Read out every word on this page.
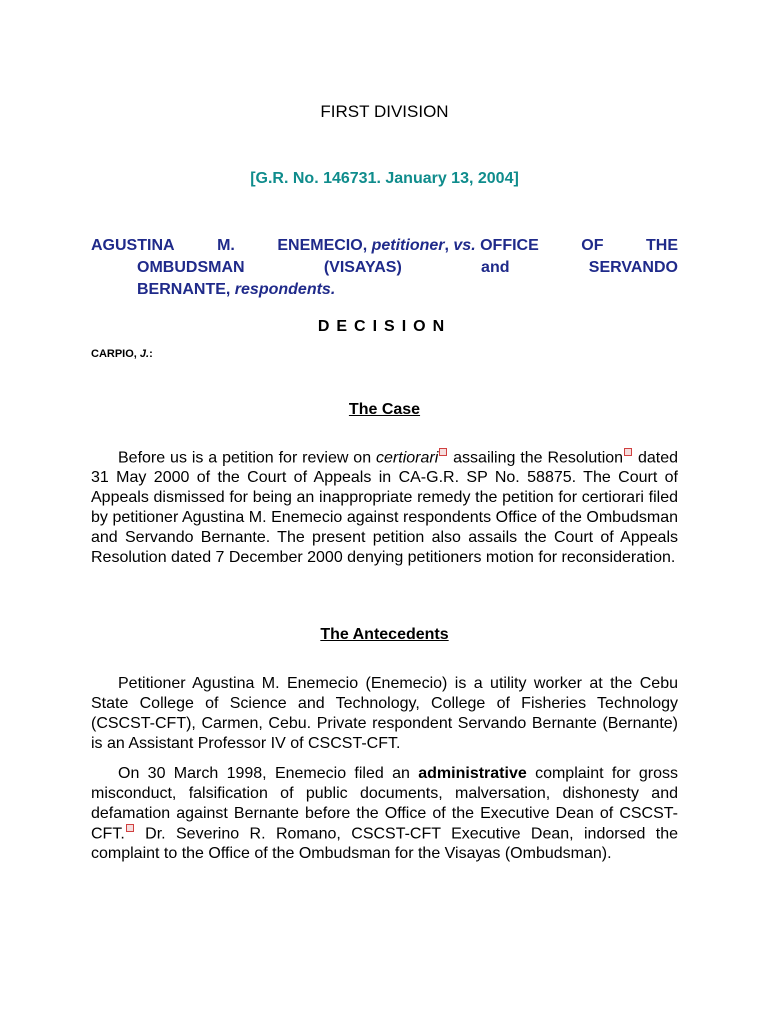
FIRST DIVISION
[G.R. No. 146731. January 13, 2004]
AGUSTINA	M.	ENEMECIO, petitioner, vs. OFFICE	OF	THE
OMBUDSMAN	(VISAYAS)	and	SERVANDO
BERNANTE, respondents.
DECISION
CARPIO, J.:
The Case
Before us is a petition for review on certiorari assailing the Resolution dated 31 May 2000 of the Court of Appeals in CA-G.R. SP No. 58875. The Court of Appeals dismissed for being an inappropriate remedy the petition for certiorari filed by petitioner Agustina M. Enemecio against respondents Office of the Ombudsman and Servando Bernante. The present petition also assails the Court of Appeals Resolution dated 7 December 2000 denying petitioners motion for reconsideration.
The Antecedents
Petitioner Agustina M. Enemecio (Enemecio) is a utility worker at the Cebu State College of Science and Technology, College of Fisheries Technology (CSCST-CFT), Carmen, Cebu. Private respondent Servando Bernante (Bernante) is an Assistant Professor IV of CSCST-CFT.
On 30 March 1998, Enemecio filed an administrative complaint for gross misconduct, falsification of public documents, malversation, dishonesty and defamation against Bernante before the Office of the Executive Dean of CSCST-CFT. Dr. Severino R. Romano, CSCST-CFT Executive Dean, indorsed the complaint to the Office of the Ombudsman for the Visayas (Ombudsman).
